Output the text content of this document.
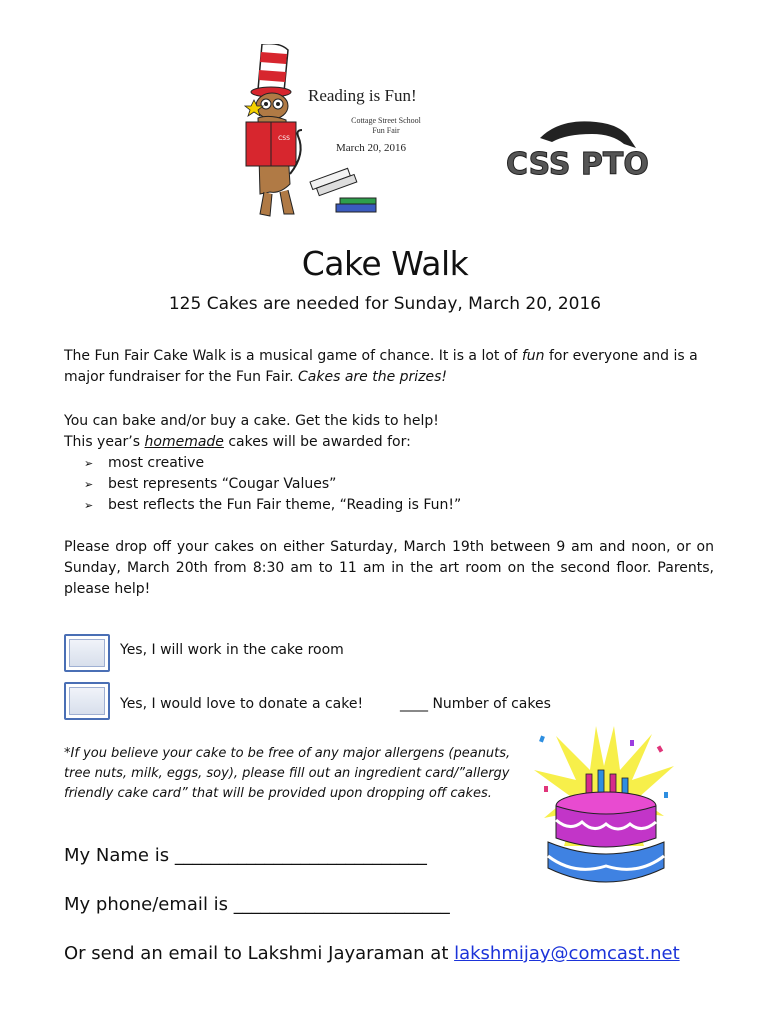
CSS
Reading is Fun!
Cottage Street School
Fun Fair
March 20, 2016	CSS PTO
Cake Walk
125 Cakes are needed for Sunday, March 20, 2016
The Fun Fair Cake Walk is a musical game of chance. It is a lot of fun for everyone and is a major fundraiser for the Fun Fair. Cakes are the prizes!
You can bake and/or buy a cake. Get the kids to help!
This year’s homemade cakes will be awarded for:
➢	most creative
➢	best represents “Cougar Values”
➢	best reflects the Fun Fair theme, “Reading is Fun!”
Please drop off your cakes on either Saturday, March 19th between 9 am and noon, or on Sunday, March 20th from 8:30 am to 11 am in the art room on the second floor. Parents, please help!
Yes, I will work in the cake room
Yes, I would love to donate a cake!	____ Number of cakes
*If you believe your cake to be free of any major allergens (peanuts, tree nuts, milk, eggs, soy), please fill out an ingredient card/”allergy friendly cake card” that will be provided upon dropping off cakes.
My Name is ____________________________
My phone/email is ________________________
Or send an email to Lakshmi Jayaraman at lakshmijay@comcast.net
